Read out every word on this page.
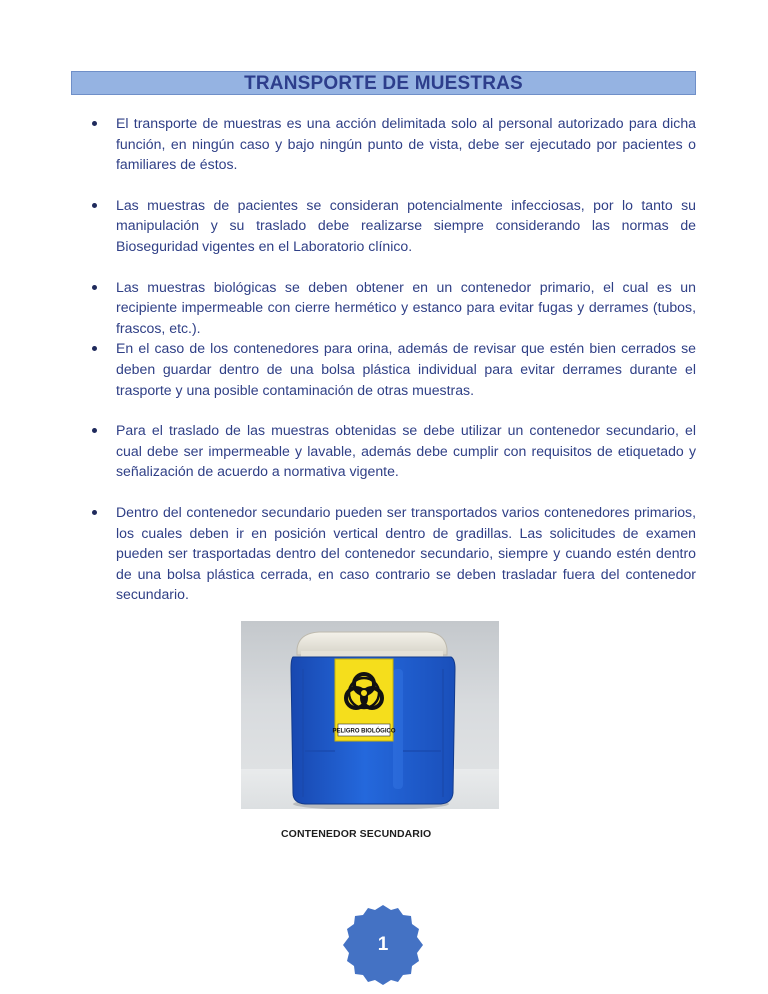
TRANSPORTE DE MUESTRAS
El transporte de muestras es una acción delimitada solo al personal autorizado para dicha función, en ningún caso y bajo ningún punto de vista, debe ser ejecutado por pacientes o familiares de éstos.
Las muestras de pacientes se consideran potencialmente infecciosas, por lo tanto su manipulación y su traslado debe realizarse siempre considerando las normas de Bioseguridad vigentes en el Laboratorio clínico.
Las muestras biológicas se deben obtener en un contenedor primario, el cual es un recipiente impermeable con cierre hermético y estanco para evitar fugas y derrames (tubos, frascos, etc.).
En el caso de los contenedores para orina, además de revisar que estén bien cerrados se deben guardar dentro de una bolsa plástica individual para evitar derrames durante el trasporte y una posible contaminación de otras muestras.
Para el traslado de las muestras obtenidas se debe utilizar un contenedor secundario, el cual debe ser impermeable y lavable, además debe cumplir con requisitos de etiquetado y señalización de acuerdo a normativa vigente.
Dentro del contenedor secundario pueden ser transportados varios contenedores primarios, los cuales deben ir en posición vertical dentro de gradillas. Las solicitudes de examen pueden ser trasportadas dentro del contenedor secundario, siempre y cuando estén dentro de una bolsa plástica cerrada, en caso contrario se deben trasladar fuera del contenedor secundario.
PELIGRO BIOLÓGICO
CONTENEDOR SECUNDARIO
1
